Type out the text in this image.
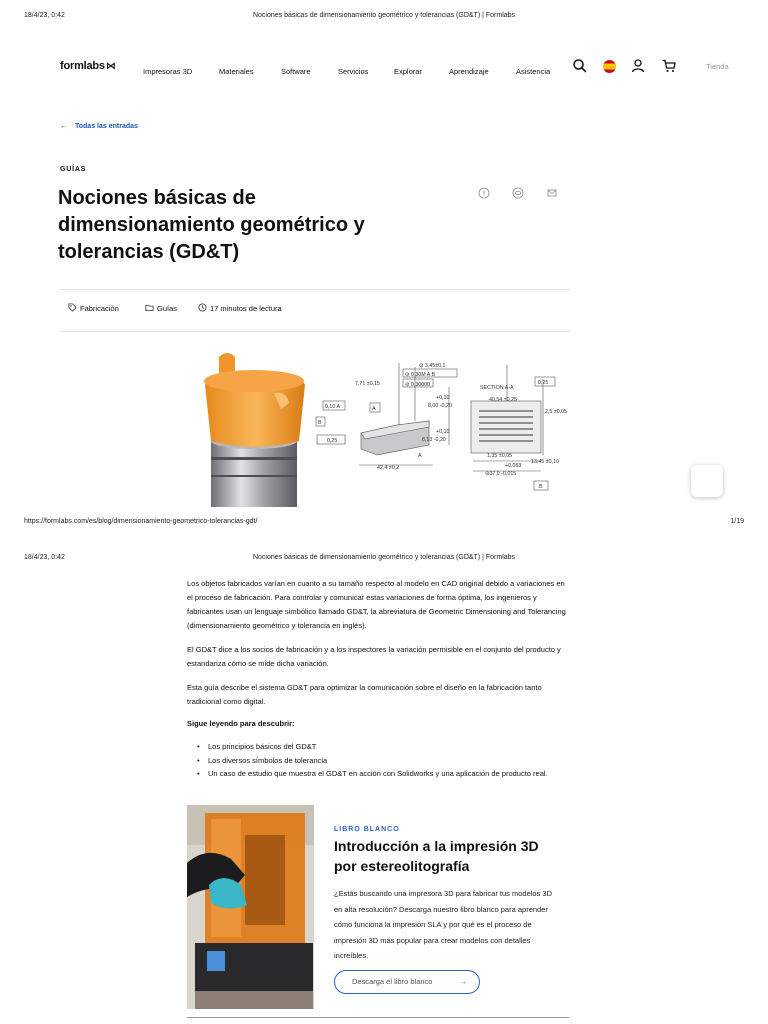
18/4/23, 0:42	Nociones básicas de dimensionamiento geométrico y tolerancias (GD&T) | Formlabs
formlabs⋈	Impresoras 3D	Materiales	Software	Servicios	Explorar	Aprendizaje	Asistencia
Tienda
← Todas las entradas
GUÍAS
Nociones básicas de dimensionamiento geométrico y tolerancias (GD&T)
f
Fabricación	Guías	17 minutos de lectura
⊘ 3,45±0,1
⊘ 0,30M A B
⊘ 0,30000
7,71 ±0,15
+0,10
8,00 -0,20
SECTION A-A
40,54 ±0,25
0,25
2,5 ±0,05
0,10 A
+0,10
8,13 -0,20
0,25
1,35 ±0,05
+0,063
⊘37,0 -0,015
13,45 ±0,10
42,4 ±0,2
A
A
B
B
https://formlabs.com/es/blog/dimensionamiento-geometrico-tolerancias-gdt/	1/19
18/4/23, 0:42	Nociones básicas de dimensionamiento geométrico y tolerancias (GD&T) | Formlabs

Los objetos fabricados varían en cuanto a su tamaño respecto al modelo en CAD original debido a variaciones en el proceso de fabricación. Para controlar y comunicar estas variaciones de forma óptima, los ingenieros y fabricantes usan un lenguaje simbólico llamado GD&T, la abreviatura de Geometric Dimensioning and Tolerancing (dimensionamiento geométrico y tolerancia en inglés).

El GD&T dice a los socios de fabricación y a los inspectores la variación permisible en el conjunto del producto y estandariza cómo se mide dicha variación.

Esta guía describe el sistema GD&T para optimizar la comunicación sobre el diseño en la fabricación tanto tradicional como digital.

Sigue leyendo para descubrir:

• Los principios básicos del GD&T
• Los diversos símbolos de tolerancia
• Un caso de estudio que muestra el GD&T en acción con Solidworks y una aplicación de producto real.
LIBRO BLANCO
Introducción a la impresión 3D por estereolitografía

¿Estás buscando una impresora 3D para fabricar tus modelos 3D en alta resolución? Descarga nuestro libro blanco para aprender cómo funciona la impresión SLA y por qué es el proceso de impresión 3D más popular para crear modelos con detalles increíbles.

Descarga el libro blanco	→
